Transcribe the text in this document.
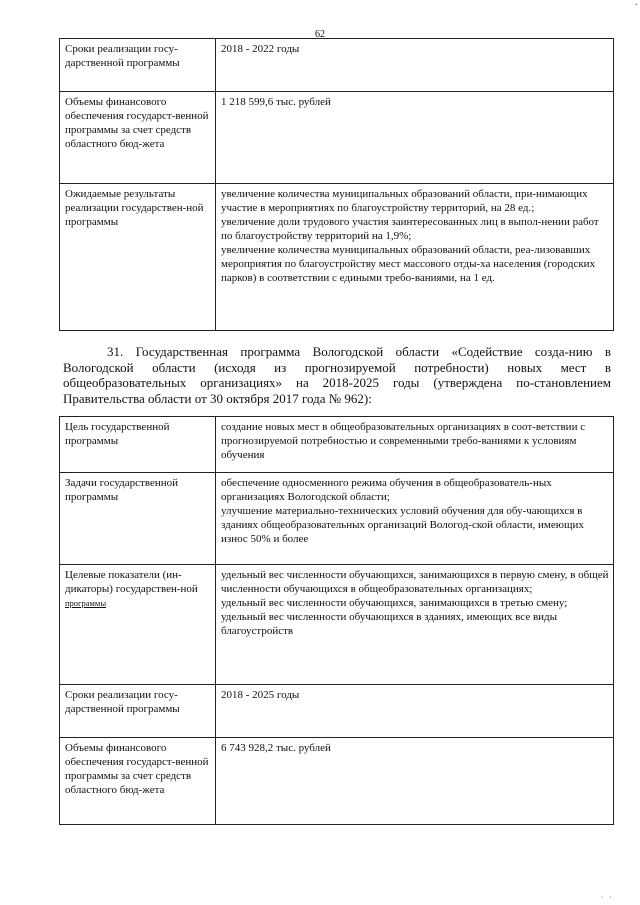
·
62
Сроки реализации госу-дарственной программы
2018 - 2022 годы
Объемы финансового обеспечения государст-венной программы за счет средств областного бюд-жета
1 218 599,6 тыс. рублей
Ожидаемые результаты реализации государствен-ной программы
увеличение количества муниципальных образований области, при-нимающих участие в мероприятиях по благоустройству территорий, на 28 ед.;
увеличение доли трудового участия заинтересованных лиц в выпол-нении работ по благоустройству территорий на 1,9%;
увеличение количества муниципальных образований области, реа-лизовавших мероприятия по благоустройству мест массового отды-ха населения (городских парков) в соответствии с едиными требо-ваниями, на 1 ед.
31. Государственная программа Вологодской области «Содействие созда-нию в Вологодской области (исходя из прогнозируемой потребности) новых мест в общеобразовательных организациях» на 2018-2025 годы (утверждена по-становлением Правительства области от 30 октября 2017 года № 962):
Цель государственной программы
создание новых мест в общеобразовательных организациях в соот-ветствии с прогнозируемой потребностью и современными требо-ваниями к условиям обучения
Задачи государственной программы
обеспечение односменного режима обучения в общеобразователь-ных организациях Вологодской области;
улучшение материально-технических условий обучения для обу-чающихся в зданиях общеобразовательных организаций Вологод-ской области, имеющих износ 50% и более
Целевые показатели (ин-дикаторы) государствен-ной программы
удельный вес численности обучающихся, занимающихся в первую смену, в общей численности обучающихся в общеобразовательных организациях;
удельный вес численности обучающихся, занимающихся в третью смену;
удельный вес численности обучающихся в зданиях, имеющих все виды благоустройств
Сроки реализации госу-дарственной программы
2018 - 2025 годы
Объемы финансового обеспечения государст-венной программы за счет средств областного бюд-жета
6 743 928,2 тыс. рублей
· ·
